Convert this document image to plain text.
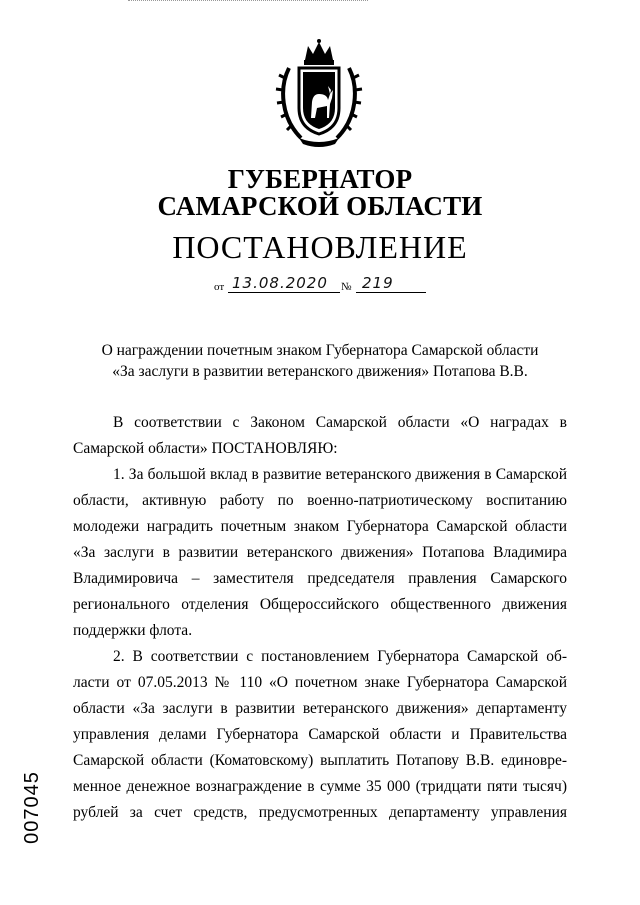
ГУБЕРНАТОР
САМАРСКОЙ ОБЛАСТИ
ПОСТАНОВЛЕНИЕ
от 13.08.2020 № 219
О награждении почетным знаком Губернатора Самарской области
«За заслуги в развитии ветеранского движения» Потапова В.В.

В соответствии с Законом Самарской области «О наградах в

Самарской области» ПОСТАНОВЛЯЮ:

1. За большой вклад в развитие ветеранского движения в Самарской

области, активную работу по военно-патриотическому воспитанию

молодежи наградить почетным знаком Губернатора Самарской области

«За заслуги в развитии ветеранского движения» Потапова Владимира

Владимировича – заместителя председателя правления Самарского

регионального отделения Общероссийского общественного движения

поддержки флота.

2. В соответствии с постановлением Губернатора Самарской об-

ласти от 07.05.2013 № 110 «О почетном знаке Губернатора Самарской

области «За заслуги в развитии ветеранского движения» департаменту

управления делами Губернатора Самарской области и Правительства

Самарской области (Коматовскому) выплатить Потапову В.В. единовре-

менное денежное вознаграждение в сумме 35 000 (тридцати пяти тысяч)

рублей за счет средств, предусмотренных департаменту управления

007045
